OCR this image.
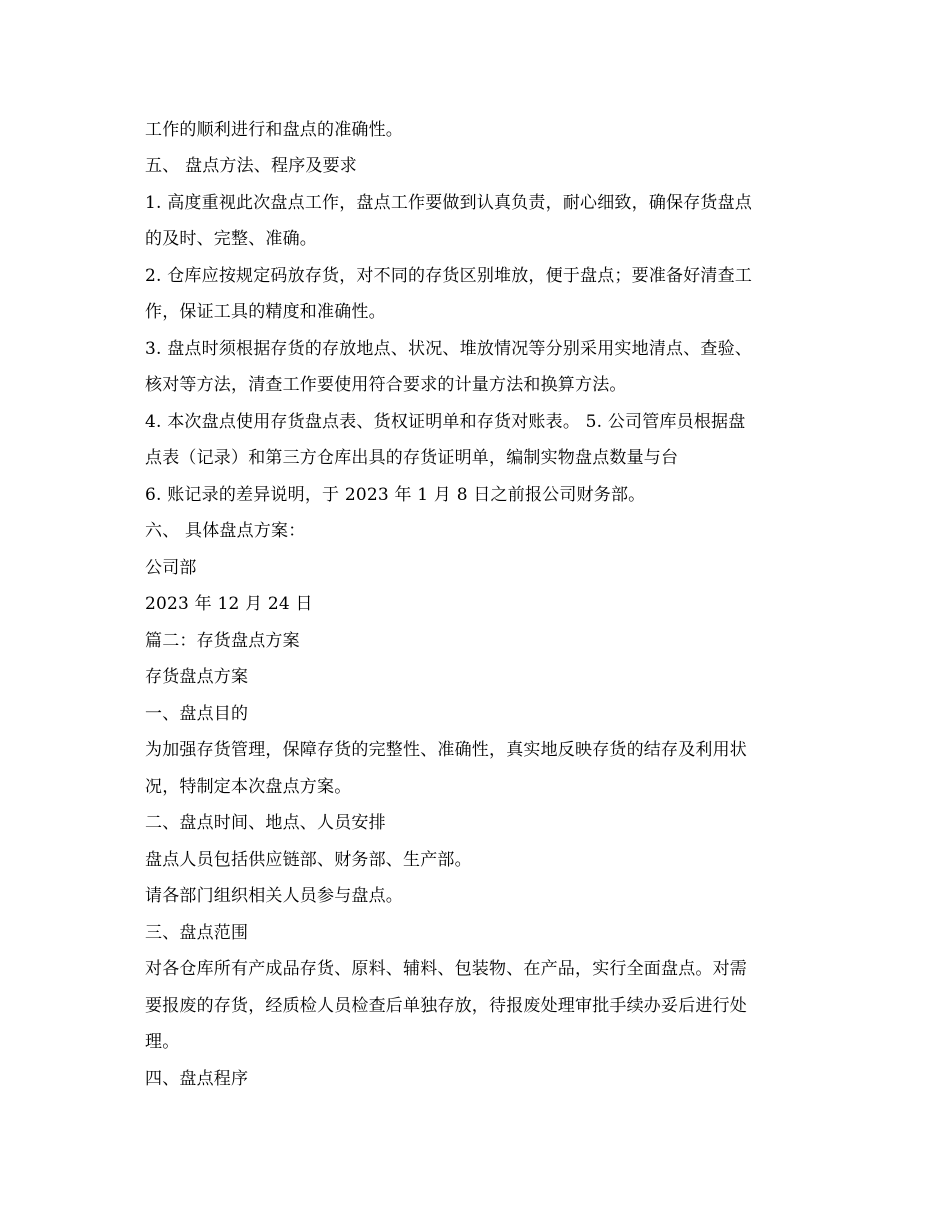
工作的顺利进行和盘点的准确性。
五、 盘点方法、程序及要求
1. 高度重视此次盘点工作，盘点工作要做到认真负责，耐心细致，确保存货盘点
的及时、完整、准确。
2. 仓库应按规定码放存货，对不同的存货区别堆放，便于盘点；要准备好清查工
作，保证工具的精度和准确性。
3. 盘点时须根据存货的存放地点、状况、堆放情况等分别采用实地清点、查验、
核对等方法，清查工作要使用符合要求的计量方法和换算方法。
4. 本次盘点使用存货盘点表、货权证明单和存货对账表。 5. 公司管库员根据盘
点表（记录）和第三方仓库出具的存货证明单，编制实物盘点数量与台
6. 账记录的差异说明，于 2023 年 1 月 8 日之前报公司财务部。
六、 具体盘点方案：
公司部
2023 年 12 月 24 日
篇二：存货盘点方案
存货盘点方案
一、盘点目的
为加强存货管理，保障存货的完整性、准确性，真实地反映存货的结存及利用状
况，特制定本次盘点方案。
二、盘点时间、地点、人员安排
盘点人员包括供应链部、财务部、生产部。
请各部门组织相关人员参与盘点。
三、盘点范围
对各仓库所有产成品存货、原料、辅料、包装物、在产品，实行全面盘点。对需
要报废的存货，经质检人员检查后单独存放，待报废处理审批手续办妥后进行处
理。
四、盘点程序
